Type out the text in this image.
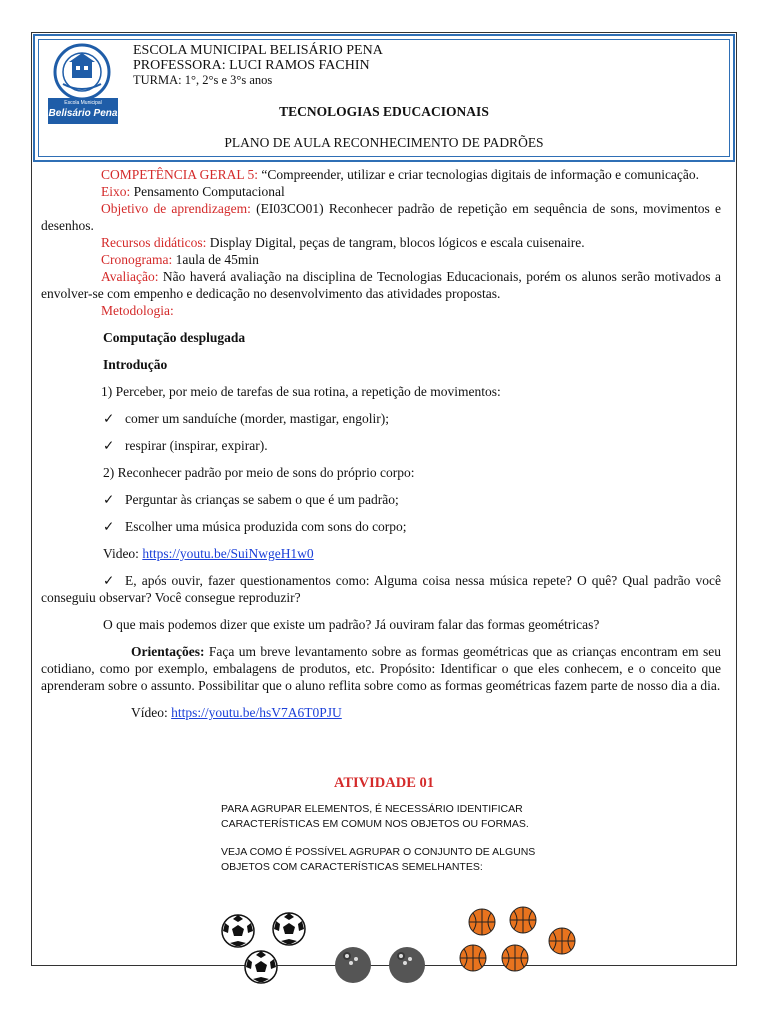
Escola Municipal
Belisário Pena
ESCOLA MUNICIPAL BELISÁRIO PENA
PROFESSORA: LUCI RAMOS FACHIN
TURMA: 1°, 2°s e 3°s anos
TECNOLOGIAS EDUCACIONAIS
PLANO DE AULA RECONHECIMENTO DE PADRÕES

COMPETÊNCIA GERAL 5: “Compreender, utilizar e criar tecnologias digitais de informação e comunicação.

Eixo: Pensamento Computacional

Objetivo de aprendizagem: (EI03CO01) Reconhecer padrão de repetição em sequência de sons, movimentos e desenhos.

Recursos didáticos: Display Digital, peças de tangram, blocos lógicos e escala cuisenaire.

Cronograma: 1aula de 45min

Avaliação: Não haverá avaliação na disciplina de Tecnologias Educacionais, porém os alunos serão motivados a envolver-se com empenho e dedicação no desenvolvimento das atividades propostas.

Metodologia:

Computação desplugada

Introdução

1) Perceber, por meio de tarefas de sua rotina, a repetição de movimentos:

✓ comer um sanduíche (morder, mastigar, engolir);

✓ respirar (inspirar, expirar).

2) Reconhecer padrão por meio de sons do próprio corpo:

✓ Perguntar às crianças se sabem o que é um padrão;

✓ Escolher uma música produzida com sons do corpo;

Video: https://youtu.be/SuiNwgeH1w0

✓ E, após ouvir, fazer questionamentos como: Alguma coisa nessa música repete? O quê? Qual padrão você conseguiu observar? Você consegue reproduzir?

O que mais podemos dizer que existe um padrão? Já ouviram falar das formas geométricas?

Orientações: Faça um breve levantamento sobre as formas geométricas que as crianças encontram em seu cotidiano, como por exemplo, embalagens de produtos, etc. Propósito: Identificar o que eles conhecem, e o conceito que aprenderam sobre o assunto. Possibilitar que o aluno reflita sobre como as formas geométricas fazem parte de nosso dia a dia.

Vídeo: https://youtu.be/hsV7A6T0PJU

ATIVIDADE 01
PARA AGRUPAR ELEMENTOS, É NECESSÁRIO IDENTIFICAR
CARACTERÍSTICAS EM COMUM NOS OBJETOS OU FORMAS.
VEJA COMO É POSSÍVEL AGRUPAR O CONJUNTO DE ALGUNS
OBJETOS COM CARACTERÍSTICAS SEMELHANTES:
